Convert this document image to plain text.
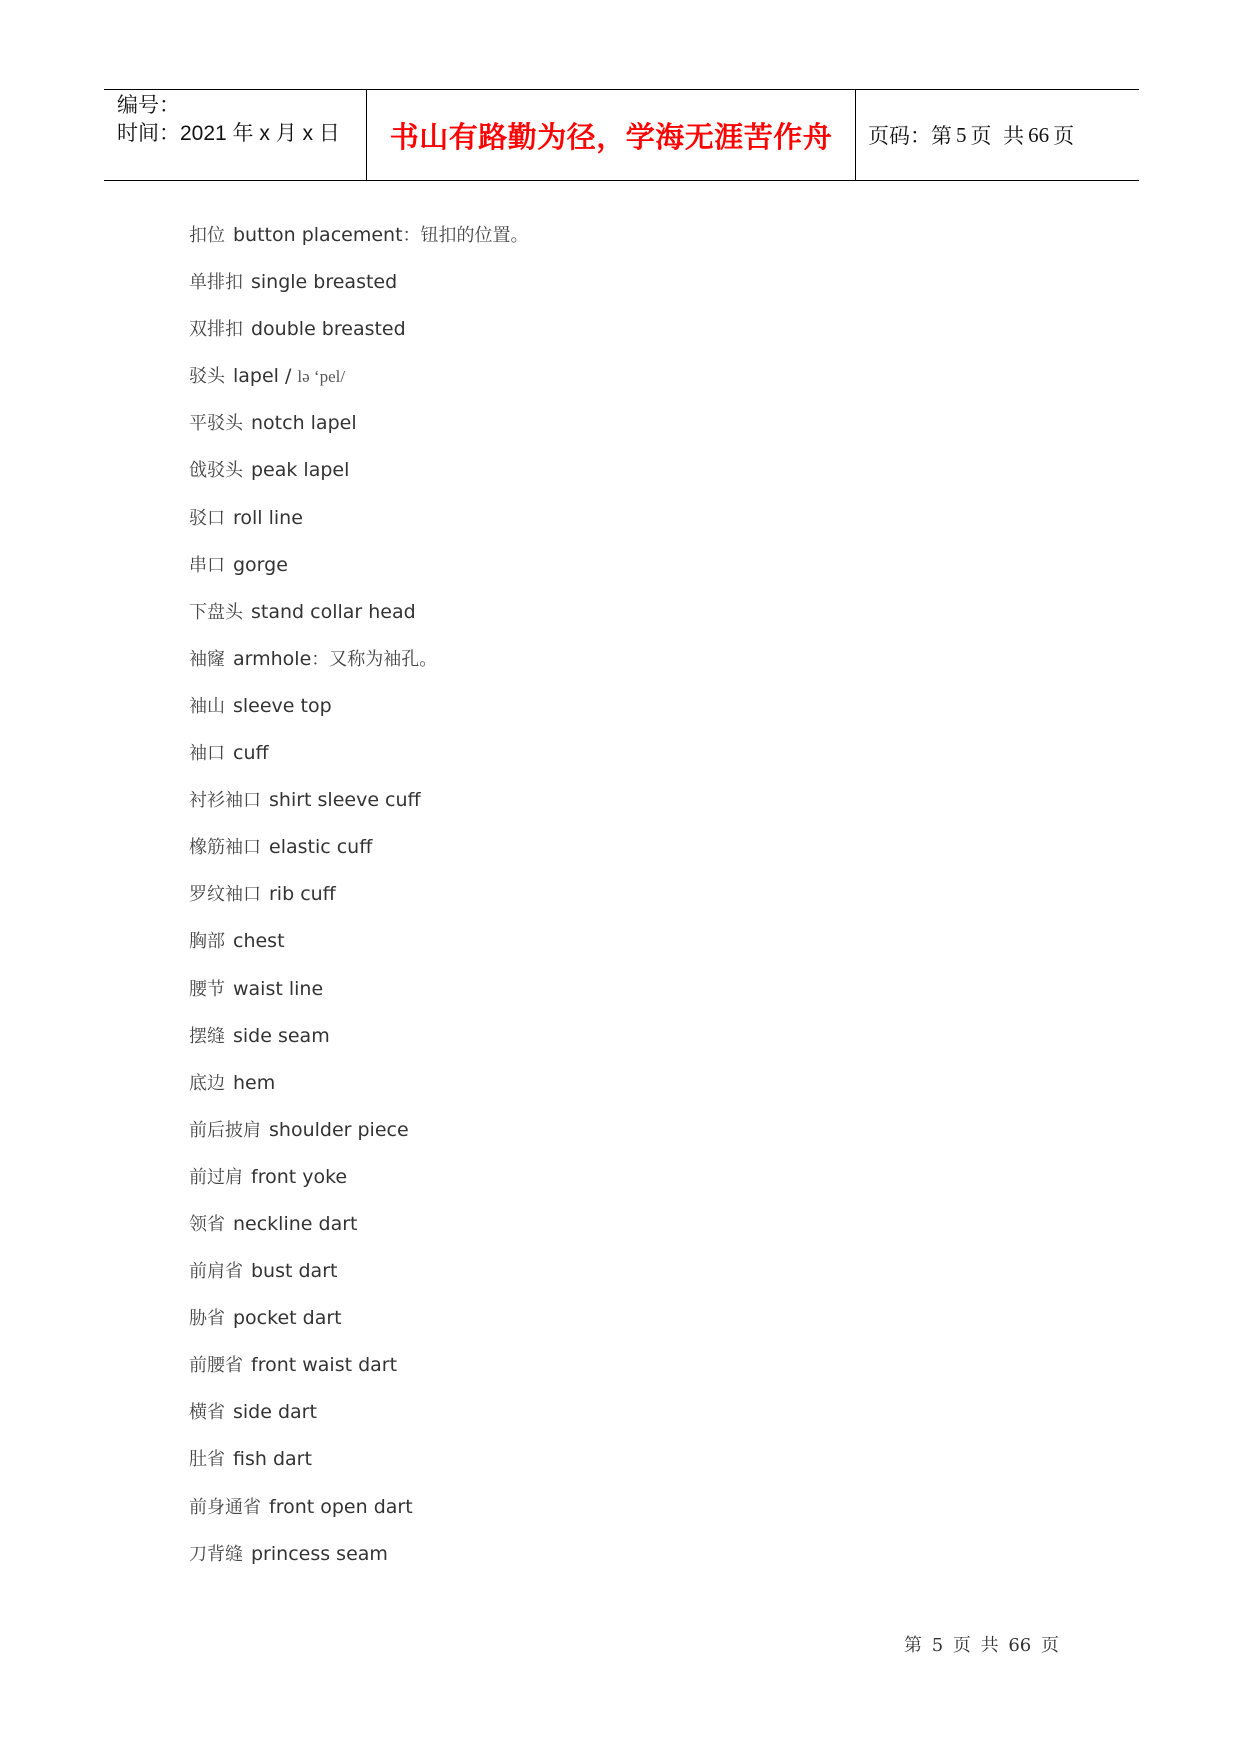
编号：
时间：2021 年 x 月 x 日	书山有路勤为径，学海无涯苦作舟 页码：第 5 页  共 66 页
扣位 button placement：钮扣的位置。
单排扣 single breasted
双排扣 double breasted
驳头 lapel / lə ‘pel/
平驳头 notch lapel
戗驳头 peak lapel
驳口 roll line
串口 gorge
下盘头 stand collar head
袖窿 armhole：又称为袖孔。
袖山 sleeve top
袖口 cuff
衬衫袖口 shirt sleeve cuff
橡筋袖口 elastic cuff
罗纹袖口 rib cuff
胸部 chest
腰节 waist line
摆缝 side seam
底边 hem
前后披肩 shoulder piece
前过肩 front yoke
领省 neckline dart
前肩省 bust dart
胁省 pocket dart
前腰省 front waist dart
横省 side dart
肚省 fish dart
前身通省 front open dart
刀背缝 princess seam
第 5 页 共 66 页
